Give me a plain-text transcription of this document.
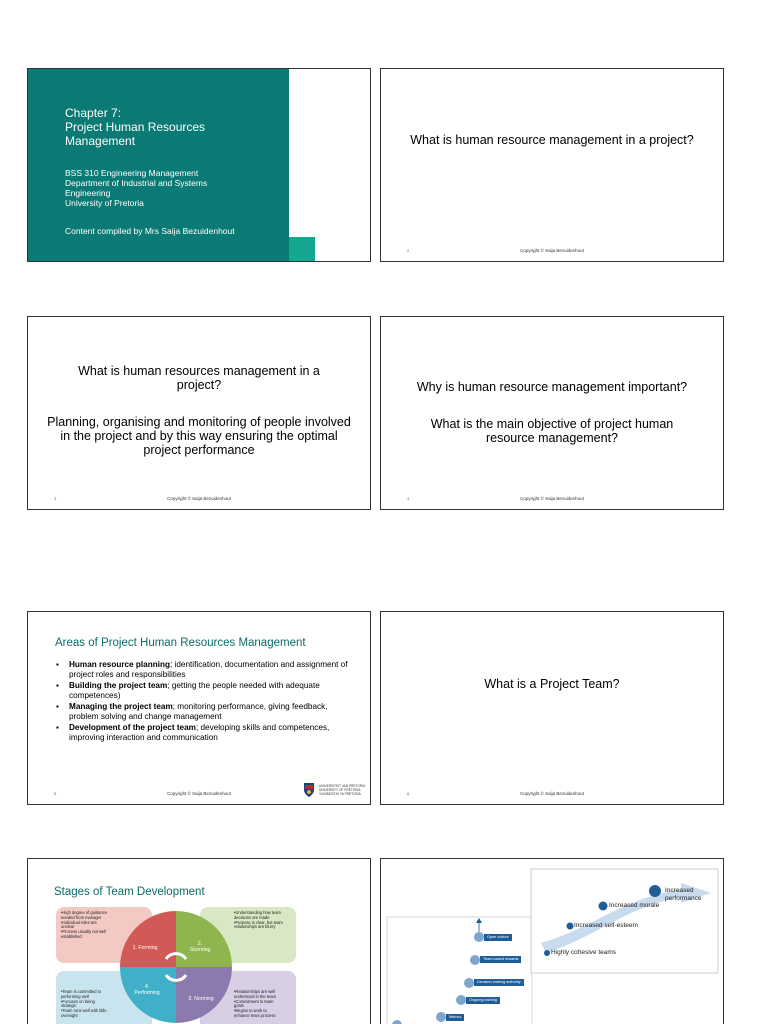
Chapter 7:
Project Human Resources
Management
BSS 310 Engineering Management
Department of Industrial and Systems
Engineering
University of Pretoria
Content compiled by Mrs Saija Bezuidenhout
What is human resource management in a project?
2	Copyright © Saija Bezuidenhout
What is human resources management in a project?
Planning, organising and monitoring of people involved in the project and by this way ensuring the optimal project performance
3	Copyright © Saija Bezuidenhout
Why is human resource management important?
What is the main objective of project human resource management?
4	Copyright © Saija Bezuidenhout
Areas of Project Human Resources Management
▪ Human resource planning; identification, documentation and assignment of project roles and responsibilities
▪ Building the project team; getting the people needed with adequate competences)
▪ Managing the project team; monitoring performance, giving feedback, problem solving and change management
▪ Development of the project team; developing skills and competences, improving interaction and communication
UNIVERSITEIT VAN PRETORIA
UNIVERSITY OF PRETORIA
YUNIBESITHI YA PRETORIA
5	Copyright © Saija Bezuidenhout
What is a Project Team?
6	Copyright © Saija Bezuidenhout
Stages of Team Development
1. Forming
2.
Storming
4.
Performing
3. Norming
•High degree of guidance
needed from manager
•Individual roles are
unclear
•Process usually not well
established
•Understanding how team
decisions are made
•Purpose is clear, but team
relationships are blurry
•Team is committed to
performing well
•Focuses on being
strategic
•Team runs well with little
oversight
•Relationships are well
understood in the team
•Commitment to team
goals
•Begins to work to
enhance team process
Increased performance
Increased morale
Increased self-esteem
Highly cohesive teams
Open culture
Team-based rewards
Decision-making authority
Ongoing training
Metrics
